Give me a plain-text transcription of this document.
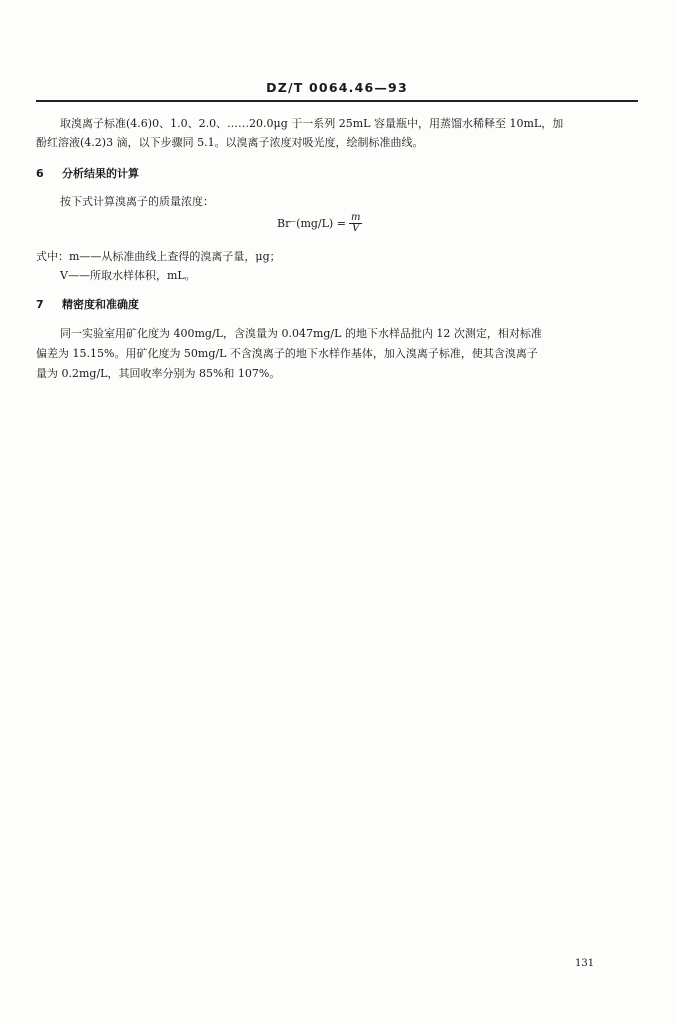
DZ/T 0064.46—93
取溴离子标准(4.6)0、1.0、2.0、……20.0μg 于一系列 25mL 容量瓶中，用蒸馏水稀释至 10mL，加
酚红溶液(4.2)3 滴，以下步骤同 5.1。以溴离子浓度对吸光度，绘制标准曲线。
6 分析结果的计算
按下式计算溴离子的质量浓度：
$Br^-(mg/L) = \frac{m}{V}$
式中：m——从标准曲线上查得的溴离子量，μg；
V——所取水样体积，mL。
7 精密度和准确度
同一实验室用矿化度为 400mg/L，含溴量为 0.047mg/L 的地下水样品批内 12 次测定，相对标准
偏差为 15.15%。用矿化度为 50mg/L 不含溴离子的地下水样作基体，加入溴离子标准，使其含溴离子
量为 0.2mg/L，其回收率分别为 85%和 107%。
131
